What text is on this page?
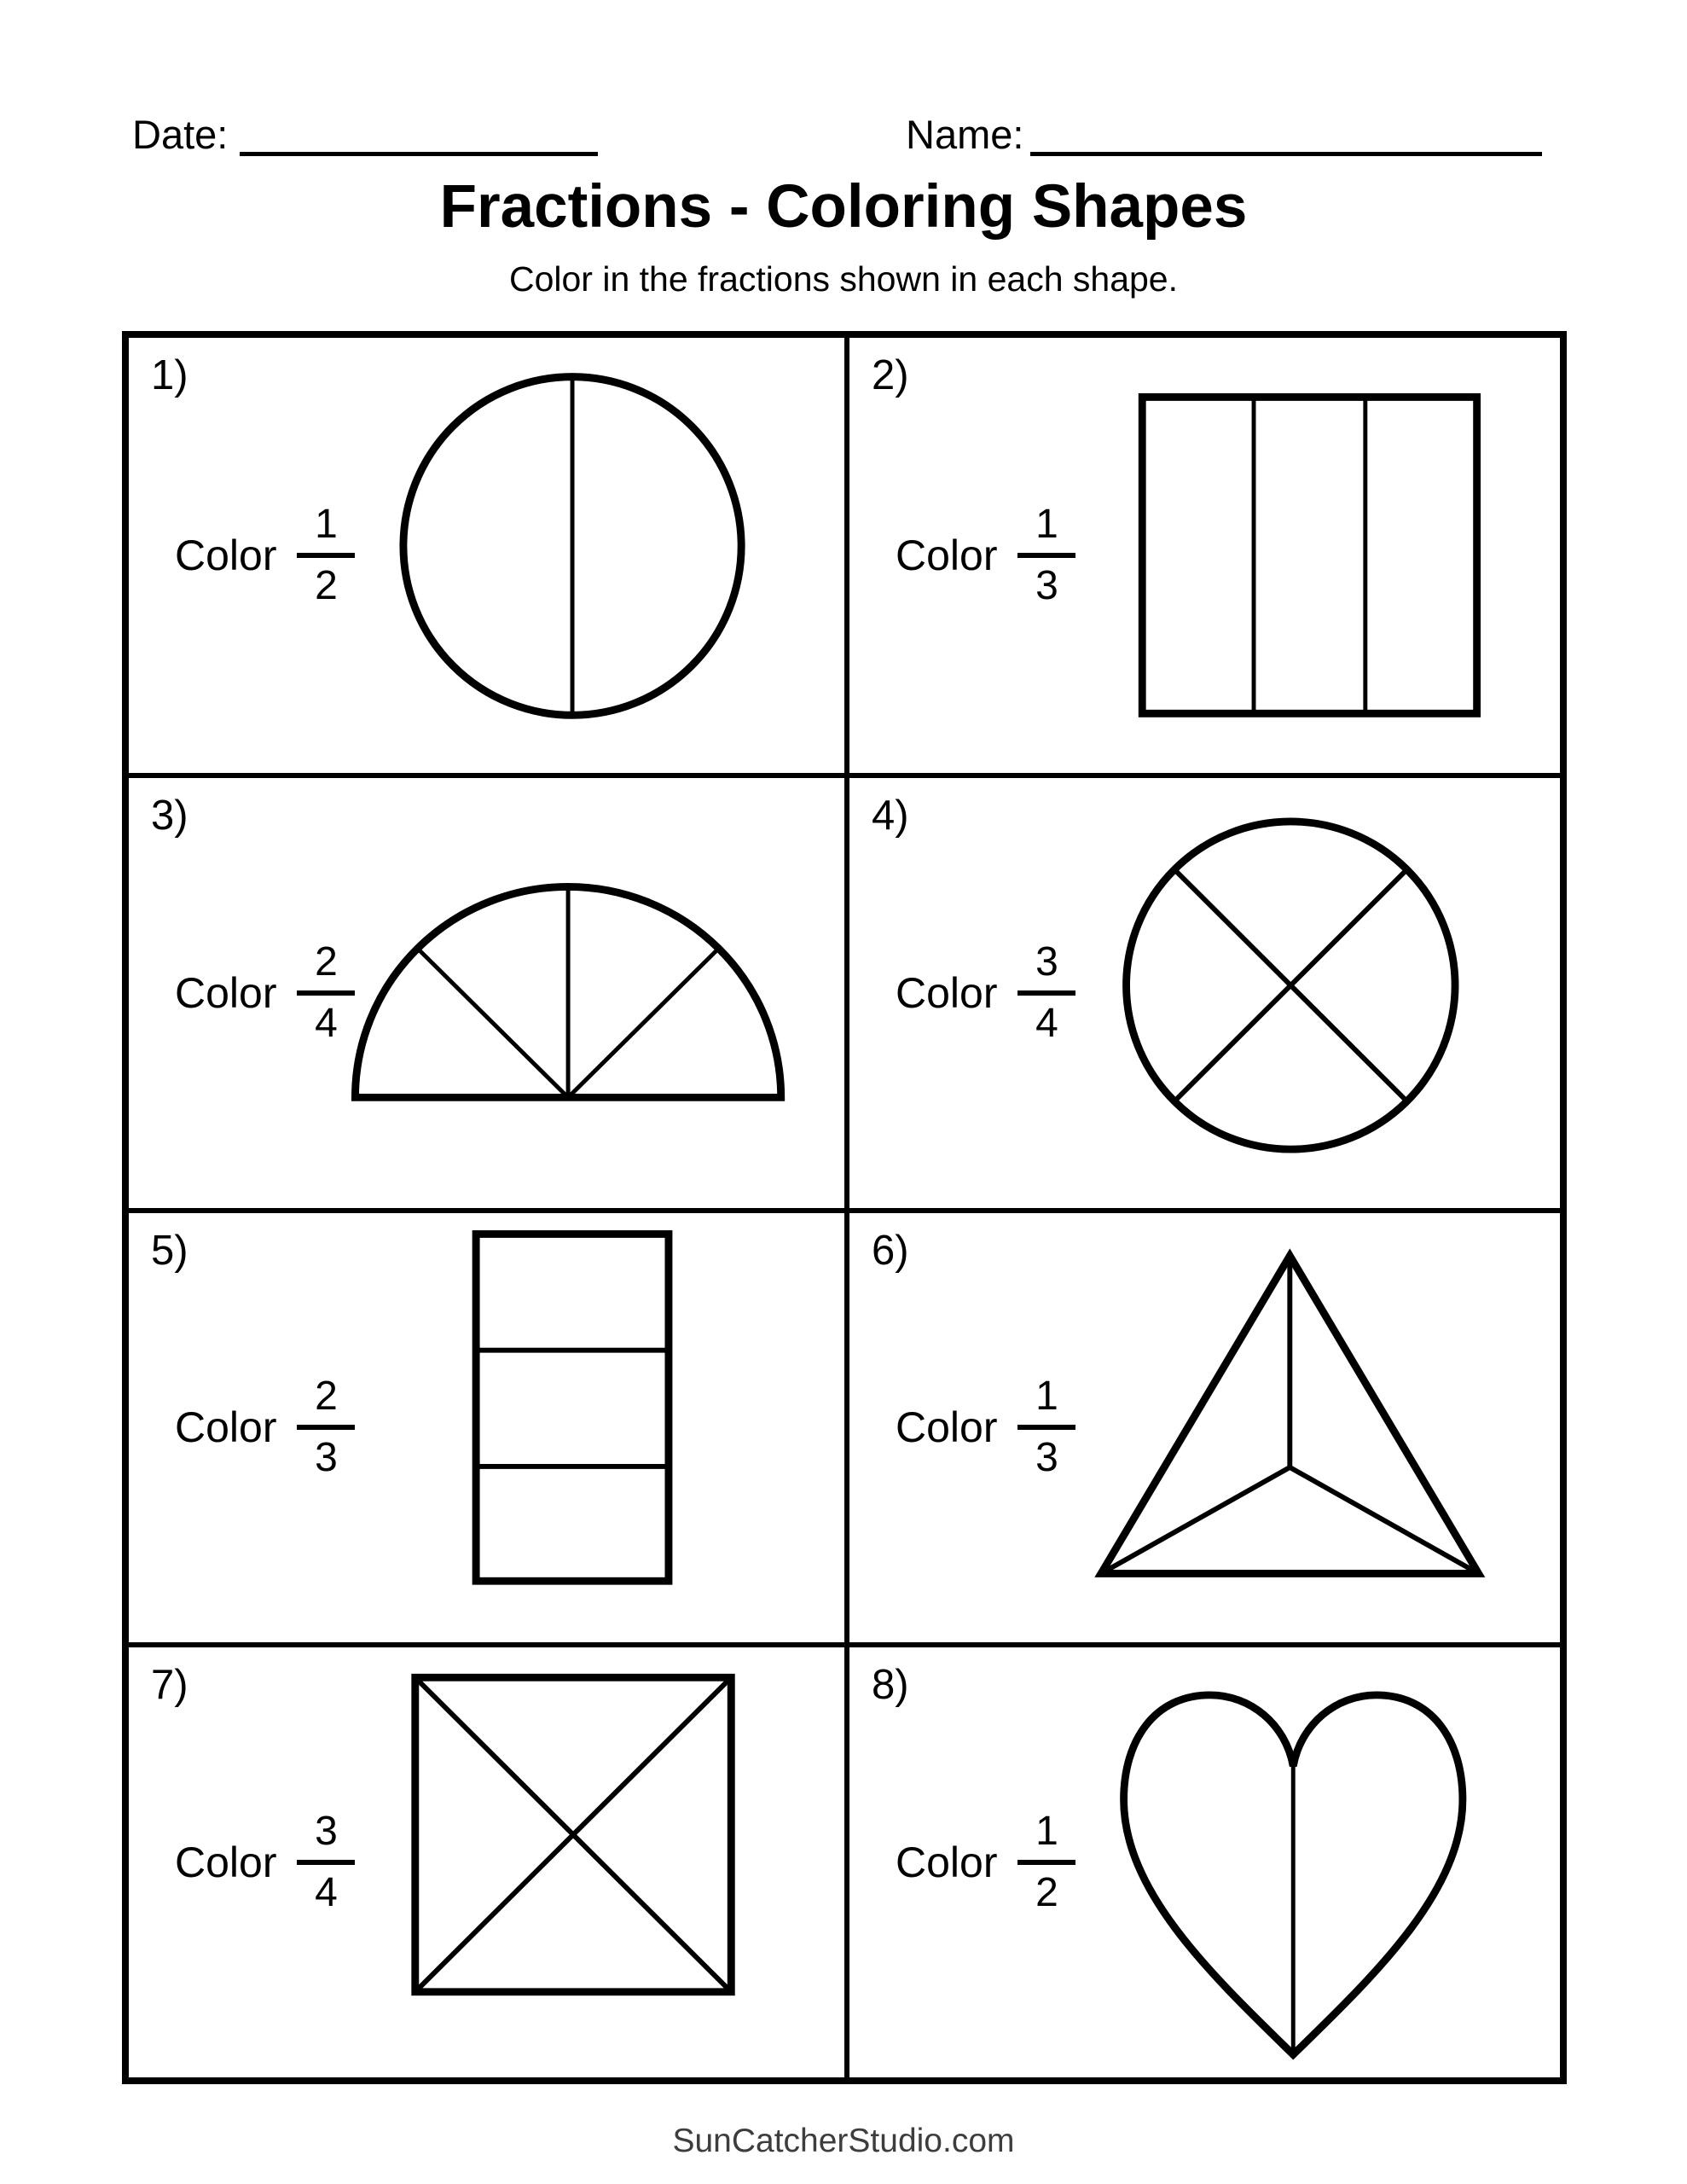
Date:	Name:
Fractions - Coloring Shapes
Color in the fractions shown in each shape.
1)
Color
1
2
2)
Color
1
3
3)
Color
2
4
4)
Color
3
4
5)
Color
2
3
6)
Color
1
3
7)
Color
3
4
8)
Color
1
2
SunCatcherStudio.com
